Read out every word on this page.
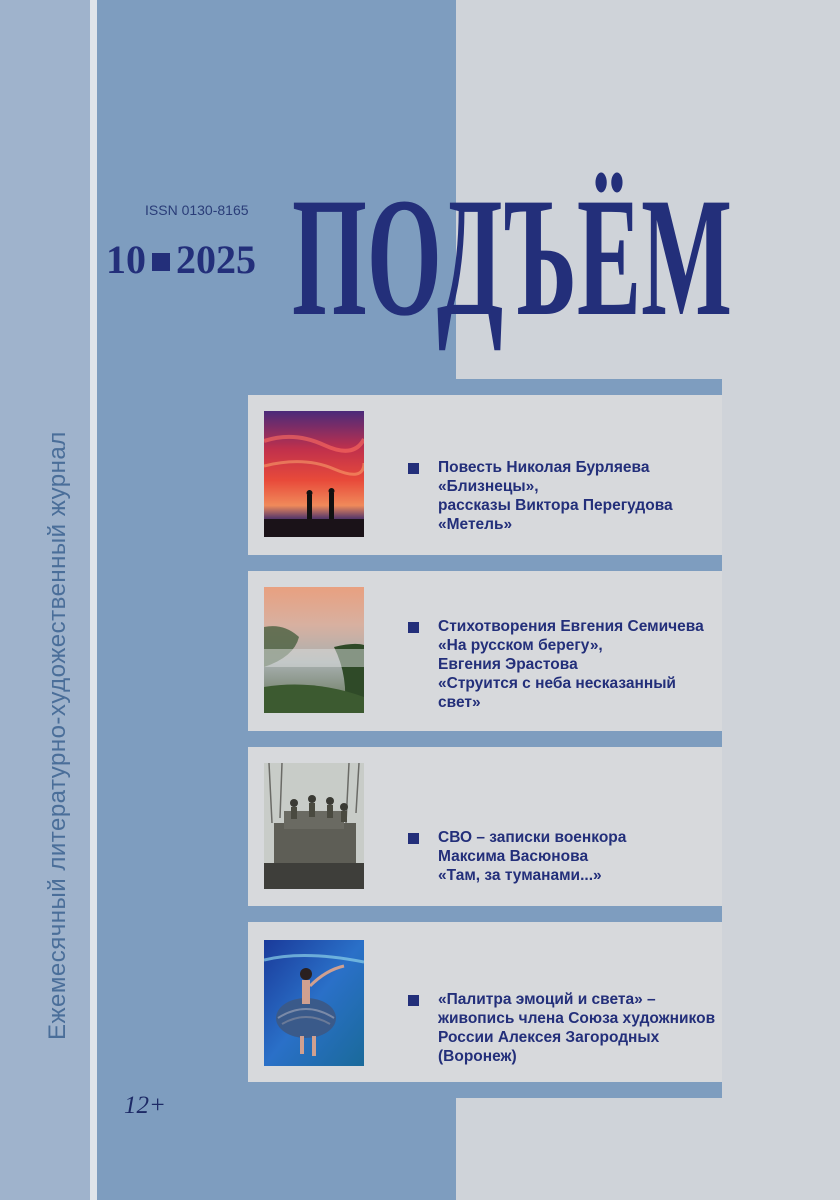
Ежемесячный литературно-художественный журнал
ISSN 0130-8165
10 2025 ПОДЪЁМ
Повесть Николая Бурляева
«Близнецы»,
рассказы Виктора Перегудова
«Метель»
Стихотворения Евгения Семичева
«На русском берегу»,
Евгения Эрастова
«Струится с неба несказанный
свет»
СВО – записки военкора
Максима Васюнова
«Там, за туманами...»
«Палитра эмоций и света» –
живопись члена Союза художников
России Алексея Загородных
(Воронеж)
12+
